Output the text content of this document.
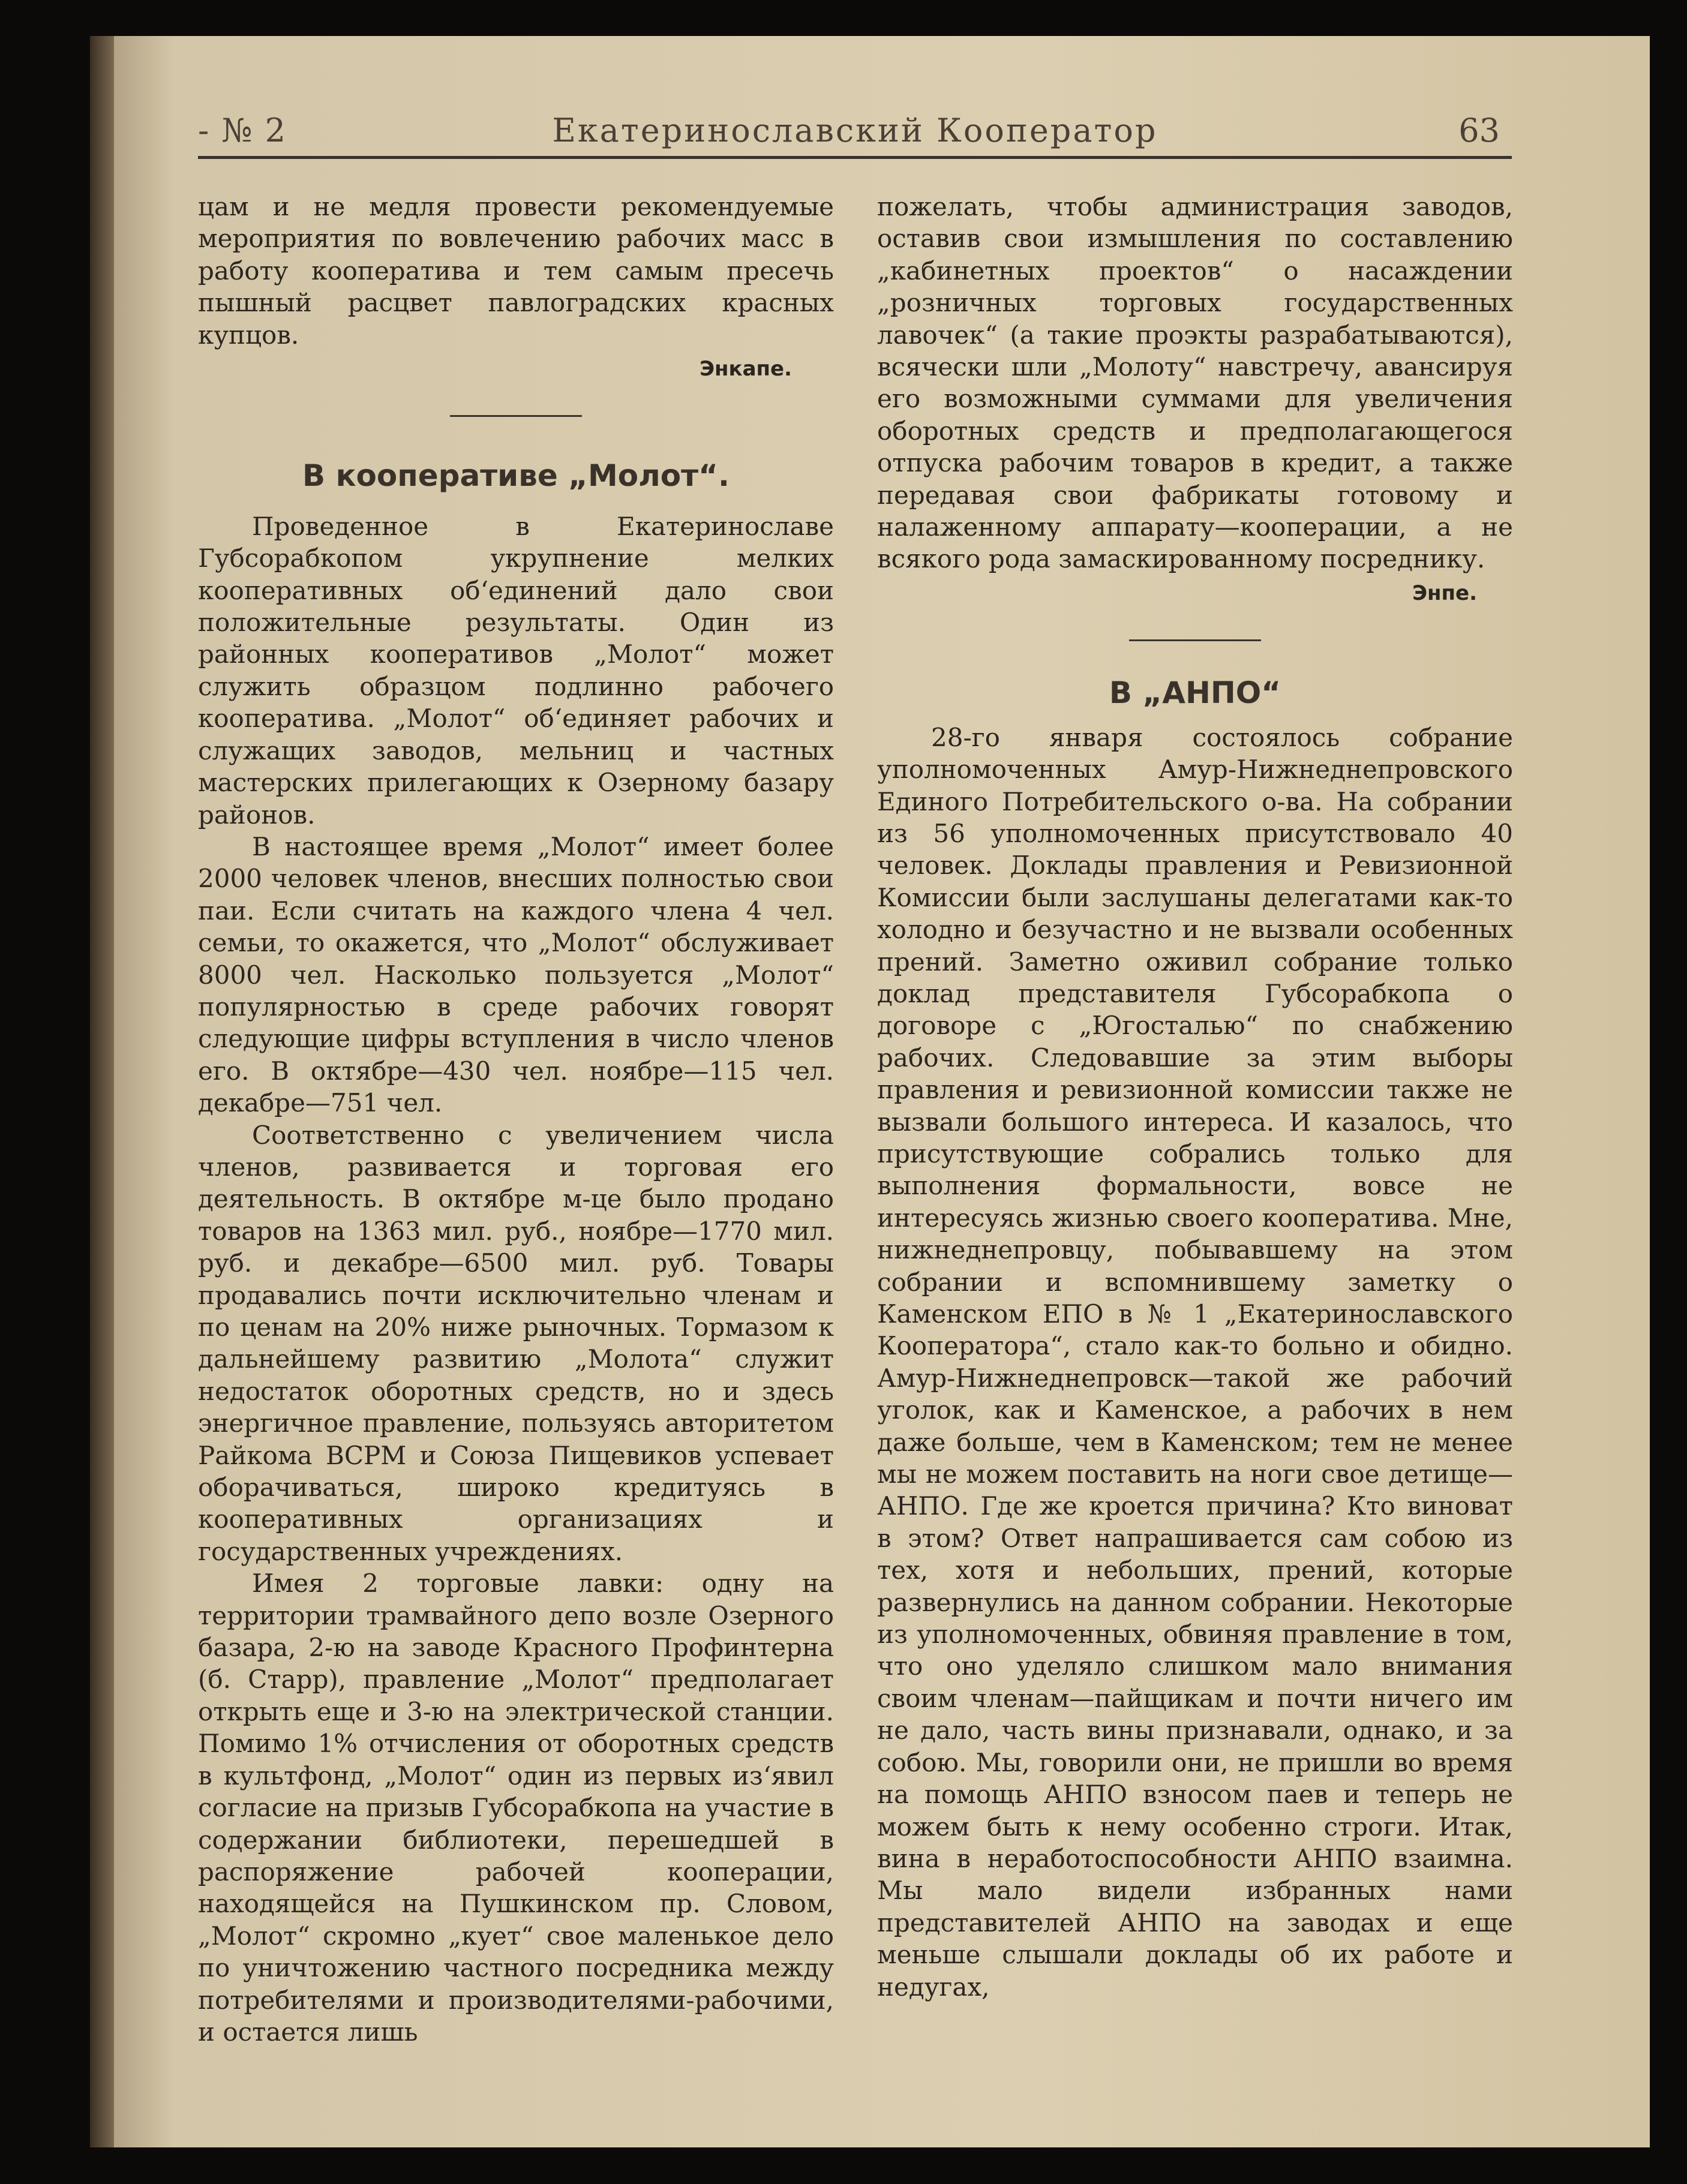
- № 2	Екатеринославский Кооператор	63

цам и не медля провести рекомендуемые мероприятия по вовлечению рабочих масс в работу кооператива и тем самым пресечь пышный расцвет павлоградских красных купцов.

Энкапе.

В кооперативе „Молот“.

Проведенное в Екатеринославе Губсорабкопом укрупнение мелких кооперативных об‘единений дало свои положительные результаты. Один из районных кооперативов „Молот“ может служить образцом подлинно рабочего кооператива. „Молот“ об‘единяет рабочих и служащих заводов, мельниц и частных мастерских прилегающих к Озерному базару районов.

В настоящее время „Молот“ имеет более 2000 человек членов, внесших полностью свои паи. Если считать на каждого члена 4 чел. семьи, то окажется, что „Молот“ обслуживает 8000 чел. Насколько пользуется „Молот“ популярностью в среде рабочих говорят следующие цифры вступления в число членов его. В октябре—430 чел. ноябре—115 чел. декабре—751 чел.

Соответственно с увеличением числа членов, развивается и торговая его деятельность. В октябре м-це было продано товаров на 1363 мил. руб., ноябре—1770 мил. руб. и декабре—6500 мил. руб. Товары продавались почти исключительно членам и по ценам на 20% ниже рыночных. Тормазом к дальнейшему развитию „Молота“ служит недостаток оборотных средств, но и здесь энергичное правление, пользуясь авторитетом Райкома ВСРМ и Союза Пищевиков успевает оборачиваться, широко кредитуясь в кооперативных организациях и государственных учреждениях.

Имея 2 торговые лавки: одну на территории трамвайного депо возле Озерного базара, 2-ю на заводе Красного Профинтерна (б. Старр), правление „Молот“ предполагает открыть еще и 3-ю на электрической станции. Помимо 1% отчисления от оборотных средств в культфонд, „Молот“ один из первых из‘явил согласие на призыв Губсорабкопа на участие в содержании библиотеки, перешедшей в распоряжение рабочей кооперации, находящейся на Пушкинском пр. Словом, „Молот“ скромно „кует“ свое маленькое дело по уничтожению частного посредника между потребителями и производителями-рабочими, и остается лишь

пожелать, чтобы администрация заводов, оставив свои измышления по составлению „кабинетных проектов“ о насаждении „розничных торговых государственных лавочек“ (а такие проэкты разрабатываются), всячески шли „Молоту“ навстречу, авансируя его возможными суммами для увеличения оборотных средств и предполагающегося отпуска рабочим товаров в кредит, а также передавая свои фабрикаты готовому и налаженному аппарату—кооперации, а не всякого рода замаскированному посреднику.

Энпе.

В „АНПО“

28-го января состоялось собрание уполномоченных Амур-Нижнеднепровского Единого Потребительского о-ва. На собрании из 56 уполномоченных присутствовало 40 человек. Доклады правления и Ревизионной Комиссии были заслушаны делегатами как-то холодно и безучастно и не вызвали особенных прений. Заметно оживил собрание только доклад представителя Губсорабкопа о договоре с „Югосталью“ по снабжению рабочих. Следовавшие за этим выборы правления и ревизионной комиссии также не вызвали большого интереса. И казалось, что присутствующие собрались только для выполнения формальности, вовсе не интересуясь жизнью своего кооператива. Мне, нижнеднепровцу, побывавшему на этом собрании и вспомнившему заметку о Каменском ЕПО в № 1 „Екатеринославского Кооператора“, стало как-то больно и обидно. Амур-Нижнеднепровск—такой же рабочий уголок, как и Каменское, а рабочих в нем даже больше, чем в Каменском; тем не менее мы не можем поставить на ноги свое детище—АНПО. Где же кроется причина? Кто виноват в этом? Ответ напрашивается сам собою из тех, хотя и небольших, прений, которые развернулись на данном собрании. Некоторые из уполномоченных, обвиняя правление в том, что оно уделяло слишком мало внимания своим членам—пайщикам и почти ничего им не дало, часть вины признавали, однако, и за собою. Мы, говорили они, не пришли во время на помощь АНПО взносом паев и теперь не можем быть к нему особенно строги. Итак, вина в неработоспособности АНПО взаимна. Мы мало видели избранных нами представителей АНПО на заводах и еще меньше слышали доклады об их работе и недугах,
